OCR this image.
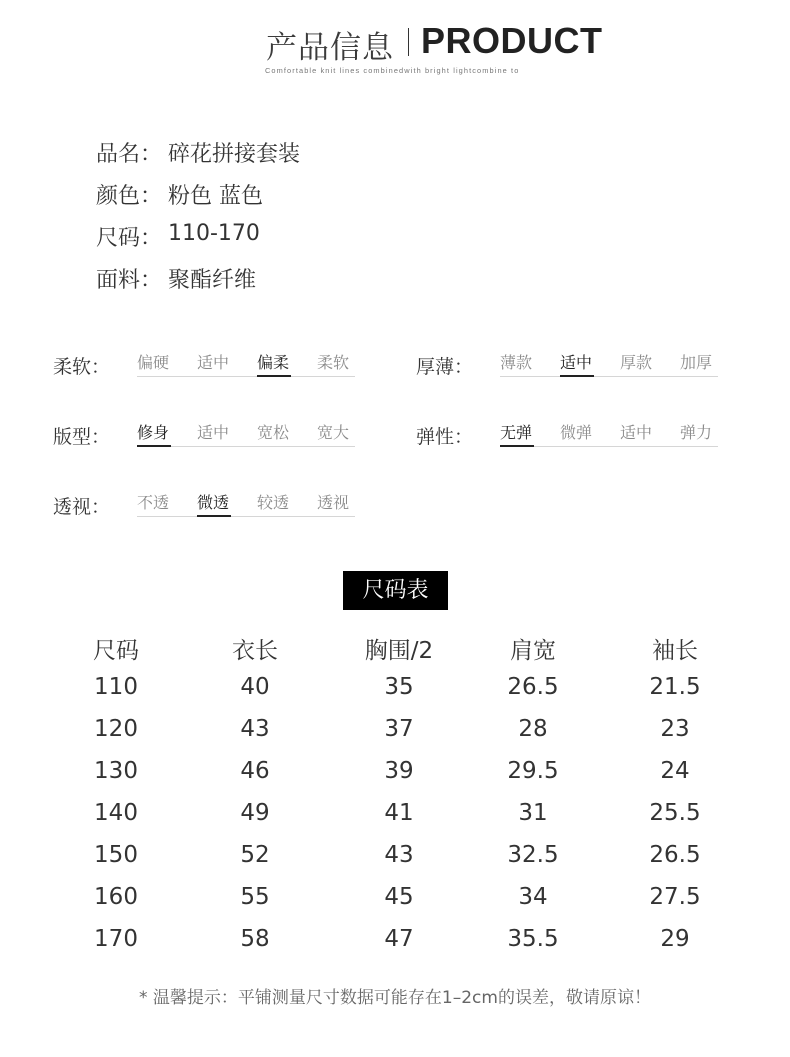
产品信息 PRODUCT
Comfortable knit lines combinedwith bright lightcombine to
品名： 碎花拼接套装
颜色： 粉色 蓝色
尺码： 110-170
面料： 聚酯纤维
柔软： 偏硬 适中 偏柔 柔软	厚薄： 薄款 适中 厚款 加厚
版型： 修身 适中 宽松 宽大	弹性： 无弹 微弹 适中 弹力
透视： 不透 微透 较透 透视
尺码表
尺码	衣长	胸围/2	肩宽	袖长
110	40	35	26.5	21.5
120	43	37	28	23
130	46	39	29.5	24
140	49	41	31	25.5
150	52	43	32.5	26.5
160	55	45	34	27.5
170	58	47	35.5	29
* 温馨提示：平铺测量尺寸数据可能存在1–2cm的误差，敬请原谅！
